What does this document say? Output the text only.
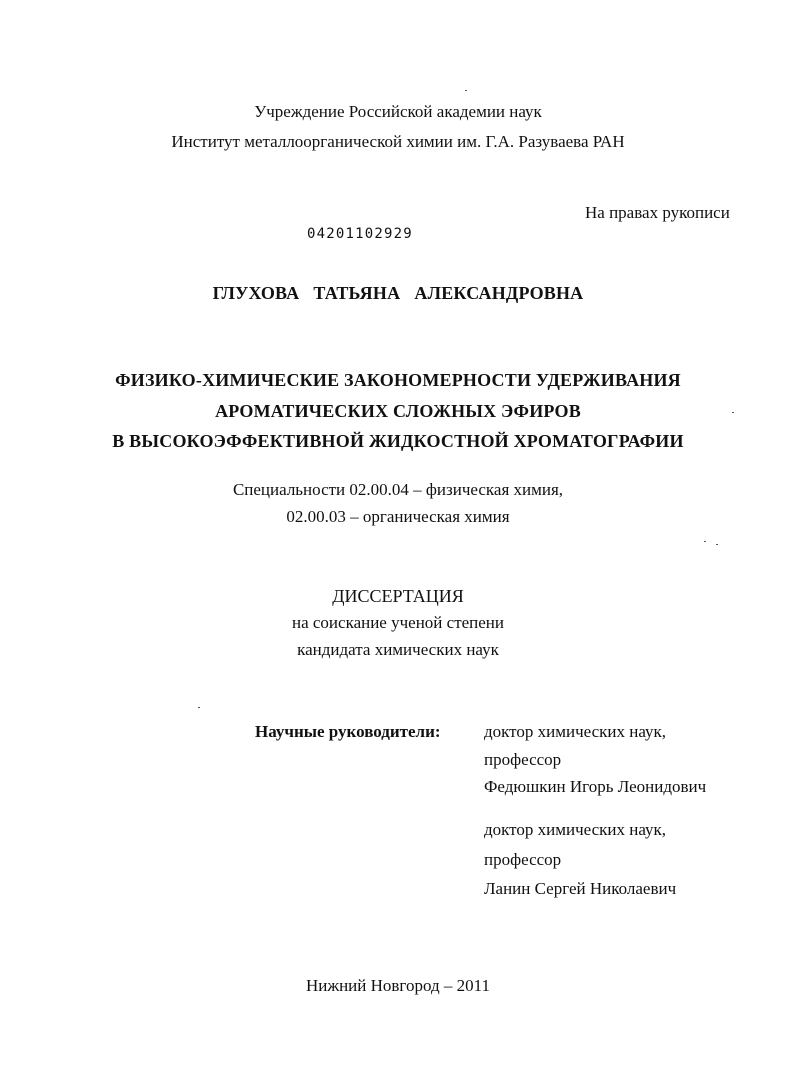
Учреждение Российской академии наук
Институт металлоорганической химии им. Г.А. Разуваева РАН
На правах рукописи
04201102929
ГЛУХОВА   ТАТЬЯНА   АЛЕКСАНДРОВНА
ФИЗИКО-ХИМИЧЕСКИЕ ЗАКОНОМЕРНОСТИ УДЕРЖИВАНИЯ
АРОМАТИЧЕСКИХ СЛОЖНЫХ ЭФИРОВ
В ВЫСОКОЭФФЕКТИВНОЙ ЖИДКОСТНОЙ ХРОМАТОГРАФИИ
Специальности 02.00.04 – физическая химия,
02.00.03 – органическая химия
ДИССЕРТАЦИЯ
на соискание ученой степени
кандидата химических наук
Научные руководители:	доктор химических наук,
профессор
Федюшкин Игорь Леонидович
доктор химических наук,
профессор
Ланин Сергей Николаевич
Нижний Новгород – 2011
